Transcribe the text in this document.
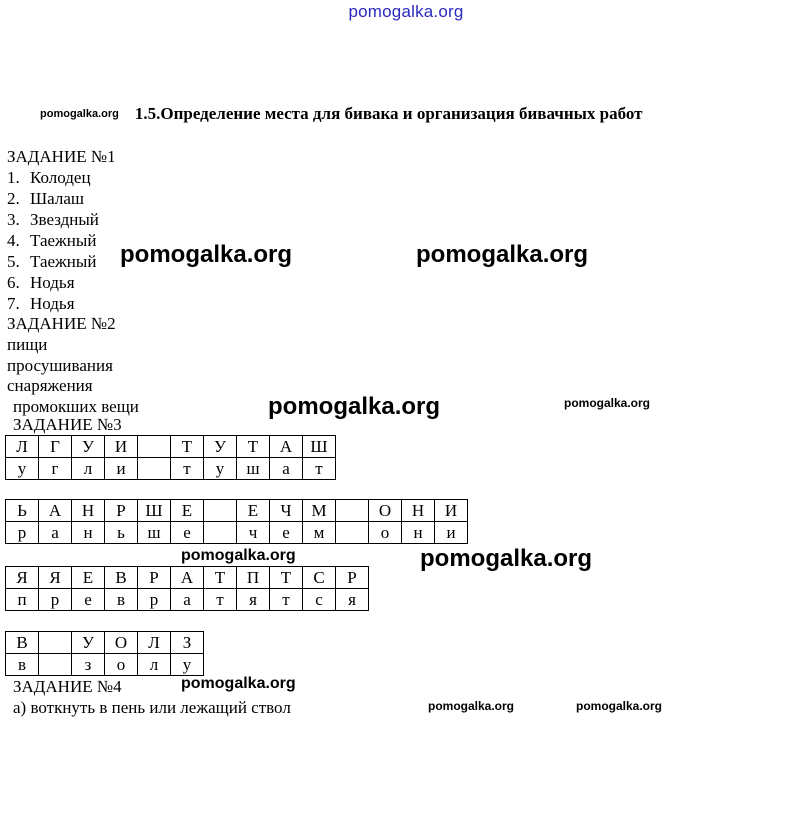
pomogalka.org
pomogalka.org 1.5.Определение места для бивака и организация бивачных работ
ЗАДАНИЕ №1
1. Колодец
2. Шалаш
3. Звездный
4. Таежный
5. Таежный
6. Нодья
7. Нодья
pomogalka.org	pomogalka.org
ЗАДАНИЕ №2
пищи
просушивания
снаряжения
промокших вещи	pomogalka.org	pomogalka.org
ЗАДАНИЕ №3
Л	Г	У	И		Т	У	Т	А	Ш
у	г	л	и		т	у	ш	а	т
Ь	А	Н	Р	Ш	Е		Е	Ч	М		О	Н	И
р	а	н	ь	ш	е		ч	е	м		о	н	и
pomogalka.org	pomogalka.org
Я	Я	Е	В	Р	А	Т	П	Т	С	Р
п	р	е	в	р	а	т	я	т	с	я
В		У	О	Л	З
в		з	о	л	у
ЗАДАНИЕ №4	pomogalka.org
а) воткнуть в пень или лежащий ствол	pomogalka.org	pomogalka.org
